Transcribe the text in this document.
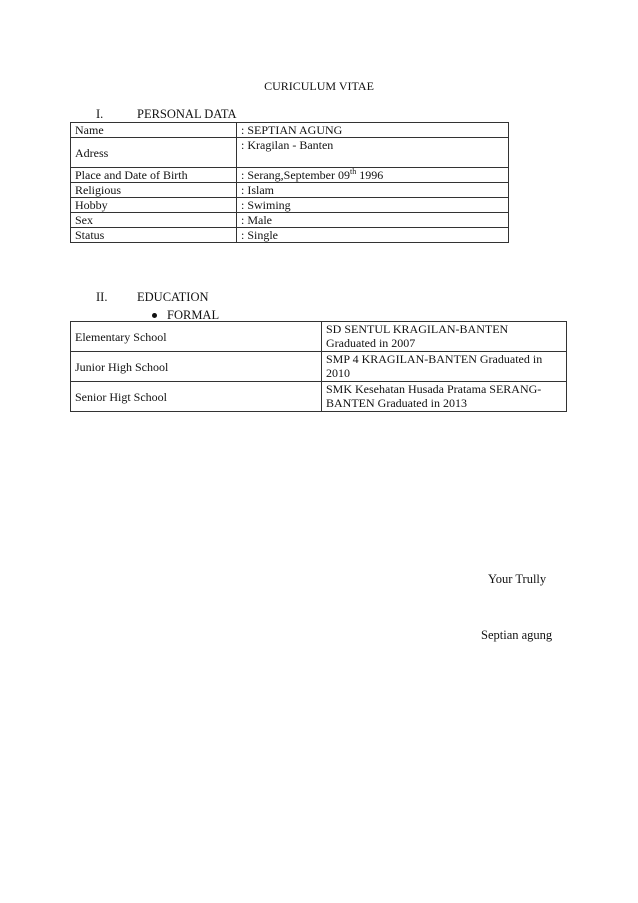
CURICULUM VITAE
I.	PERSONAL DATA
Name	: SEPTIAN AGUNG
Adress	: Kragilan - Banten
Place and Date of Birth	: Serang,September 09th 1996
Religious	: Islam
Hobby	: Swiming
Sex	: Male
Status	: Single
II. EDUCATION
FORMAL
Elementary School	SD SENTUL KRAGILAN-BANTEN
Graduated in 2007

Junior High School	SMP 4 KRAGILAN-BANTEN Graduated in
2010

Senior Higt School	SMK Kesehatan Husada Pratama SERANG-
BANTEN Graduated in 2013
Your Trully
Septian agung
